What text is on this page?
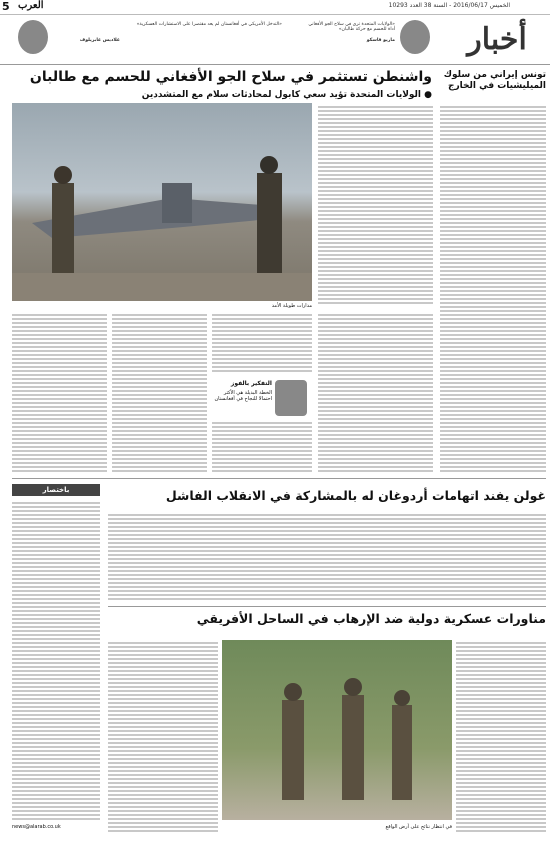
5 العرب	الخميس 2016/06/17 - السنة 38 العدد 10293
غلاديس غابريلوف
«التدخل الأمريكي في أفغانستان لم يعد مقتصرا على الاستشارات العسكرية»
ماريو فاسكو
«الولايات المتحدة ترى في سلاح الجو الأفغاني أداة للحسم مع حركة طالبان»	أخبار
واشنطن تستثمر في سلاح الجو الأفغاني للحسم مع طالبان
● الولايات المتحدة تؤيد سعي كابول لمحادثات سلام مع المتشددين
مدارات طويلة الأمد
التفكير بالفوز
الخطة البديلة هي الأكثر احتمالا للنجاح في أفغانستان
تونس إيراني من سلوك الميليشيات في الخارج
باختصار
news@alarab.co.uk
غولن يفند اتهامات أردوغان له بالمشاركة في الانقلاب الفاشل
مناورات عسكرية دولية ضد الإرهاب في الساحل الأفريقي
في انتظار نتائج على أرض الواقع
